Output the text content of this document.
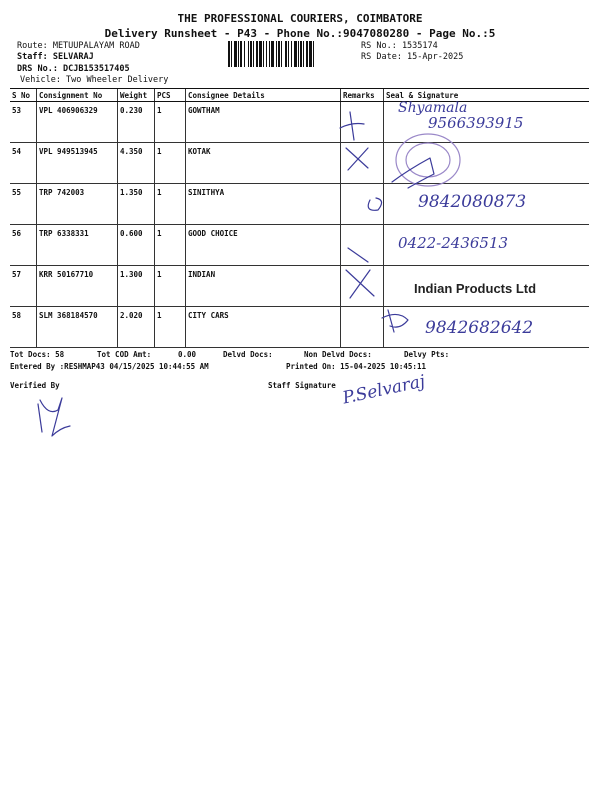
THE PROFESSIONAL COURIERS, COIMBATORE
Delivery Runsheet - P43 - Phone No.:9047080280 - Page No.:5
Route: METUUPALAYAM ROAD
Staff: SELVARAJ
DRS No.: DCJB153517405
Vehicle: Two Wheeler Delivery
RS No.: 1535174
RS Date: 15-Apr-2025
S No	Consignment No	Weight	PCS	Consignee Details	Remarks	Seal & Signature
53	VPL 406906329	0.230	1	GOWTHAM		
54	VPL 949513945	4.350	1	KOTAK		
55	TRP 742003	1.350	1	SINITHYA		
56	TRP 6338331	0.600	1	GOOD CHOICE		
57	KRR 50167710	1.300	1	INDIAN		
58	SLM 368184570	2.020	1	CITY CARS		
Shyamala
9566393915
9842080873
0422-2436513
Indian Products Ltd
9842682642
Tot Docs: 58	Tot COD Amt:	0.00	Delvd Docs:	Non Delvd Docs:	Delvy Pts:
Entered By :RESHMAP43 04/15/2025 10:44:55 AM	Printed On: 15-04-2025 10:45:11
Verified By	Staff Signature P.Selvaraj
